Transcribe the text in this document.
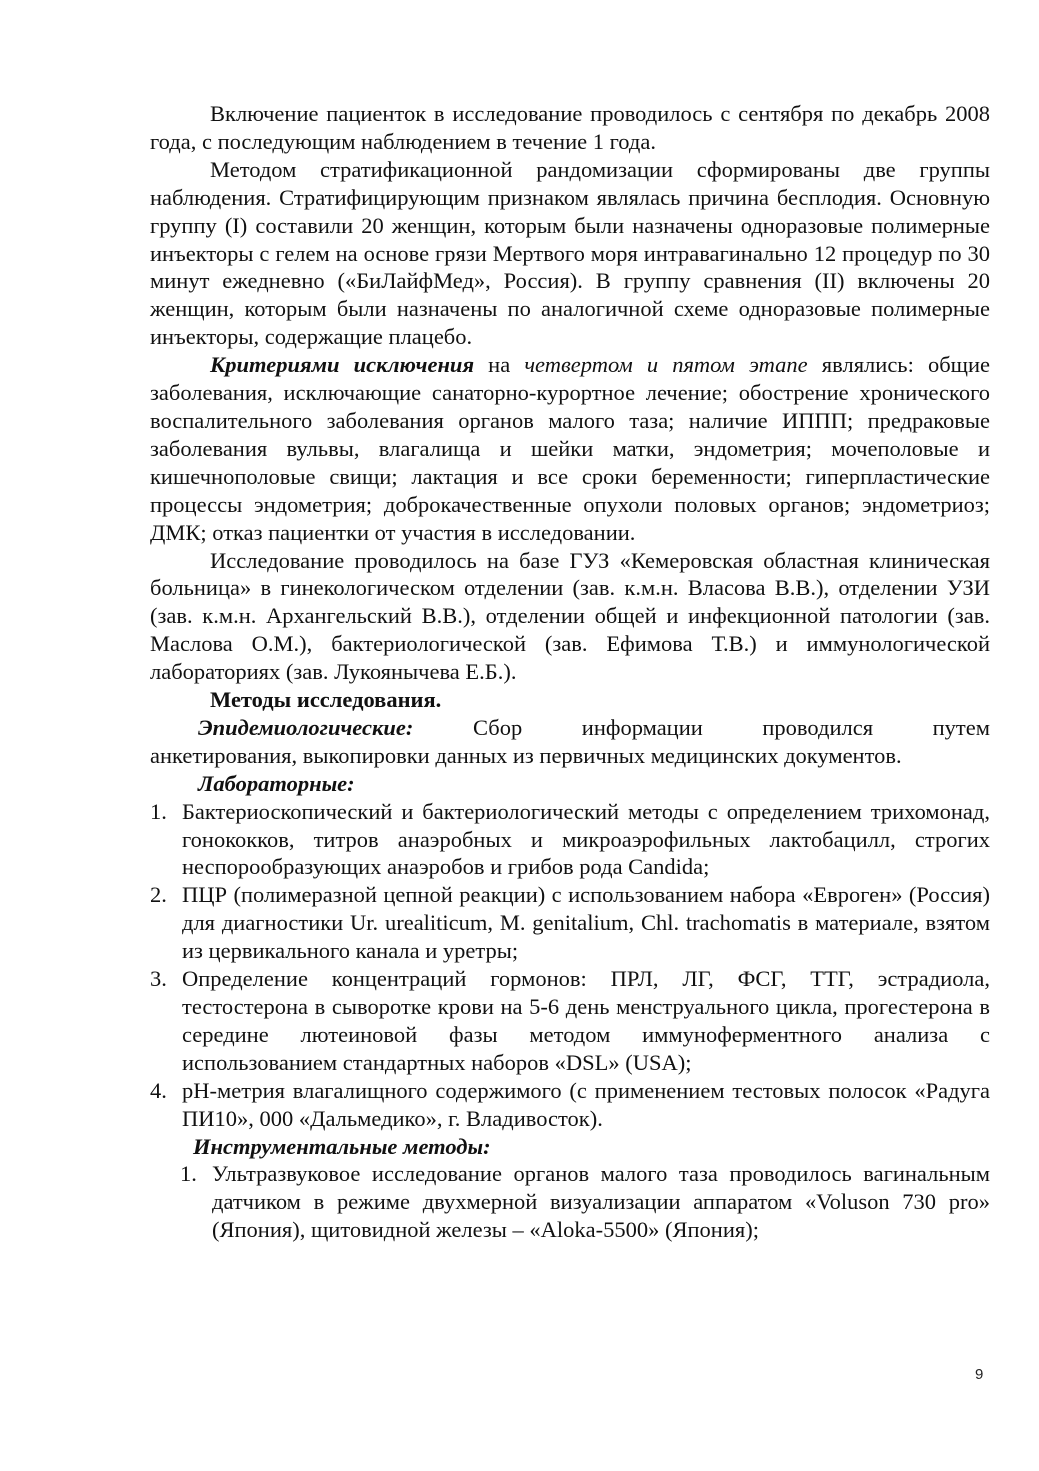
Включение пациенток в исследование проводилось с сентября по декабрь 2008 года, с последующим наблюдением в течение 1 года.

Методом стратификационной рандомизации сформированы две группы наблюдения. Стратифицирующим признаком являлась причина бесплодия. Основную группу (I) составили 20 женщин, которым были назначены одноразовые полимерные инъекторы с гелем на основе грязи Мертвого моря интравагинально 12 процедур по 30 минут ежедневно («БиЛайфМед», Россия). В группу сравнения (II) включены 20 женщин, которым были назначены по аналогичной схеме одноразовые полимерные инъекторы, содержащие плацебо.

Критериями исключения на четвертом и пятом этапе являлись: общие заболевания, исключающие санаторно-курортное лечение; обострение хронического воспалительного заболевания органов малого таза; наличие ИППП; предраковые заболевания вульвы, влагалища и шейки матки, эндометрия; мочеполовые и кишечнополовые свищи; лактация и все сроки беременности; гиперпластические процессы эндометрия; доброкачественные опухоли половых органов; эндометриоз; ДМК; отказ пациентки от участия в исследовании.

Исследование проводилось на базе ГУЗ «Кемеровская областная клиническая больница» в гинекологическом отделении (зав. к.м.н. Власова В.В.), отделении УЗИ (зав. к.м.н. Архангельский В.В.), отделении общей и инфекционной патологии (зав. Маслова О.М.), бактериологической (зав. Ефимова Т.В.) и иммунологической лабораториях (зав. Лукоянычева Е.Б.).

Методы исследования.

Эпидемиологические: Сбор информации проводился путем

анкетирования, выкопировки данных из первичных медицинских документов.

Лабораторные:

1. Бактериоскопический и бактериологический методы с определением трихомонад, гонококков, титров анаэробных и микроаэрофильных лактобацилл, строгих неспорообразующих анаэробов и грибов рода Candida;
2. ПЦР (полимеразной цепной реакции) с использованием набора «Евроген» (Россия) для диагностики Ur. urealiticum, M. genitalium, Chl. trachomatis в материале, взятом из цервикального канала и уретры;
3. Определение концентраций гормонов: ПРЛ, ЛГ, ФСГ, ТТГ, эстрадиола, тестостерона в сыворотке крови на 5-6 день менструального цикла, прогестерона в середине лютеиновой фазы методом иммуноферментного анализа с использованием стандартных наборов «DSL» (USA);
4. рН-метрия влагалищного содержимого (с применением тестовых полосок «Радуга ПИ10», 000 «Дальмедико», г. Владивосток).

Инструментальные методы:

1. Ультразвуковое исследование органов малого таза проводилось вагинальным датчиком в режиме двухмерной визуализации аппаратом «Voluson 730 pro» (Япония), щитовидной железы – «Aloka-5500» (Япония);
9
